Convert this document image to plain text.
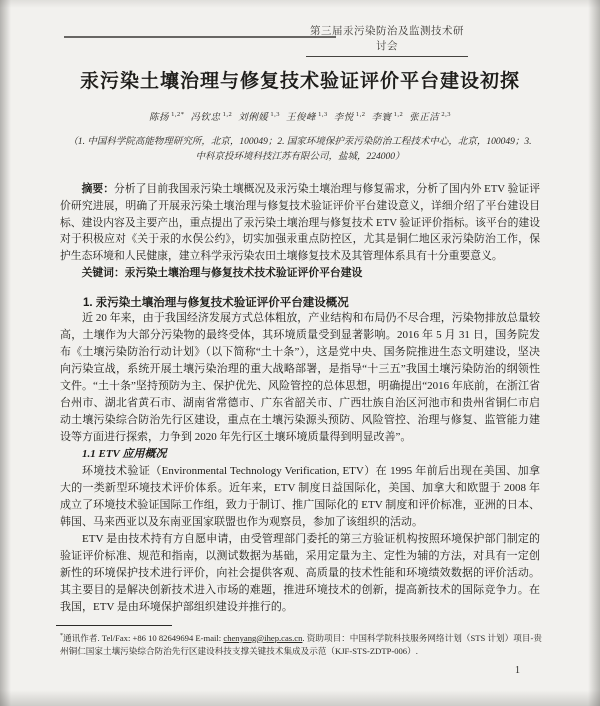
第三届汞污染防治及监测技术研讨会
汞污染土壤治理与修复技术验证评价平台建设初探
陈扬 $^{1,2*}$ 冯钦忠 $^{1,2}$ 刘俐媛 $^{1,3}$ 王俊峰 $^{1,3}$ 李悦 $^{1,2}$ 李寰 $^{1,2}$ 张正洁 $^{2,3}$
（1. 中国科学院高能物理研究所，北京，100049；2. 国家环境保护汞污染防治工程技术中心，北京，100049；3. 中科京投环境科技江苏有限公司，盐城，224000）

摘要：分析了目前我国汞污染土壤概况及汞污染土壤治理与修复需求，分析了国内外 ETV 验证评价研究进展，明确了开展汞污染土壤治理与修复技术验证评价平台建设意义，详细介绍了平台建设目标、建设内容及主要产出，重点提出了汞污染土壤治理与修复技术 ETV 验证评价指标。该平台的建设对于积极应对《关于汞的水俣公约》，切实加强汞重点防控区，尤其是铜仁地区汞污染防治工作，保护生态环境和人民健康，建立科学汞污染农田土壤修复技术及其管理体系具有十分重要意义。

关键词：汞污染土壤治理与修复技术技术验证评价平台建设

1. 汞污染土壤治理与修复技术验证评价平台建设概况

近 20 年来，由于我国经济发展方式总体粗放，产业结构和布局仍不尽合理，污染物排放总量较高，土壤作为大部分污染物的最终受体，其环境质量受到显著影响。2016 年 5 月 31 日，国务院发布《土壤污染防治行动计划》（以下简称“土十条”），这是党中央、国务院推进生态文明建设，坚决向污染宣战，系统开展土壤污染治理的重大战略部署，是指导“十三五”我国土壤污染防治的纲领性文件。“土十条”坚持预防为主、保护优先、风险管控的总体思想，明确提出“2016 年底前，在浙江省台州市、湖北省黄石市、湖南省常德市、广东省韶关市、广西壮族自治区河池市和贵州省铜仁市启动土壤污染综合防治先行区建设，重点在土壤污染源头预防、风险管控、治理与修复、监管能力建设等方面进行探索，力争到 2020 年先行区土壤环境质量得到明显改善”。

1.1 ETV 应用概况

环境技术验证（Environmental Technology Verification, ETV）在 1995 年前后出现在美国、加拿大的一类新型环境技术评价体系。近年来，ETV 制度日益国际化，美国、加拿大和欧盟于 2008 年成立了环境技术验证国际工作组，致力于制订、推广国际化的 ETV 制度和评价标准，亚洲的日本、韩国、马来西亚以及东南亚国家联盟也作为观察员，参加了该组织的活动。

ETV 是由技术持有方自愿申请，由受管理部门委托的第三方验证机构按照环境保护部门制定的验证评价标准、规范和指南，以测试数据为基础，采用定量为主、定性为辅的方法，对具有一定创新性的环境保护技术进行评价，向社会提供客观、高质量的技术性能和环境绩效数据的评价活动。其主要目的是解决创新技术进入市场的难题，推进环境技术的创新，提高新技术的国际竞争力。在我国，ETV 是由环境保护部组织建设并推行的。

*通讯作者. Tel/Fax: +86 10 82649694 E-mail: chenyang@ihep.cas.cn. 资助项目：中国科学院科技服务网络计划（STS 计划）项目-贵州铜仁国家土壤污染综合防治先行区建设科技支撑关键技术集成及示范（KJF-STS-ZDTP-006）.
1
